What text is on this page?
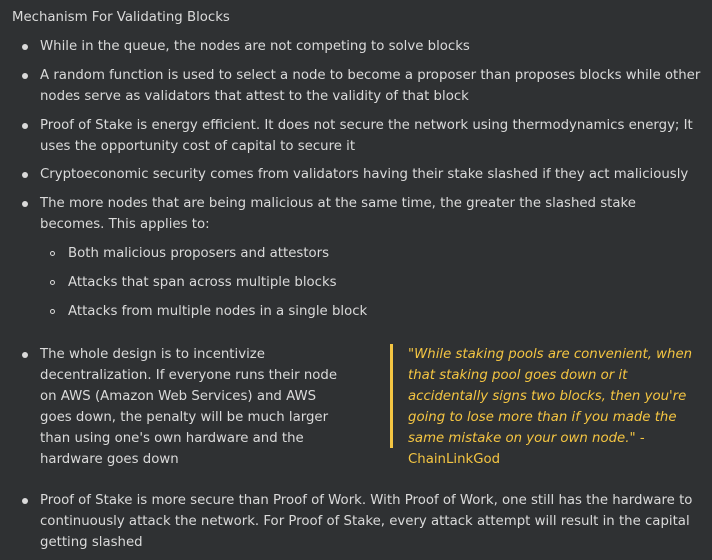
Mechanism For Validating Blocks
While in the queue, the nodes are not competing to solve blocks
A random function is used to select a node to become a proposer than proposes blocks while other nodes serve as validators that attest to the validity of that block
Proof of Stake is energy efficient. It does not secure the network using thermodynamics energy; It uses the opportunity cost of capital to secure it
Cryptoeconomic security comes from validators having their stake slashed if they act maliciously
The more nodes that are being malicious at the same time, the greater the slashed stake becomes. This applies to:
Both malicious proposers and attestors
Attacks that span across multiple blocks
Attacks from multiple nodes in a single block
The whole design is to incentivize decentralization. If everyone runs their node on AWS (Amazon Web Services) and AWS goes down, the penalty will be much larger than using one's own hardware and the hardware goes down
"While staking pools are convenient, when that staking pool goes down or it accidentally signs two blocks, then you're going to lose more than if you made the same mistake on your own node." - ChainLinkGod
Proof of Stake is more secure than Proof of Work. With Proof of Work, one still has the hardware to continuously attack the network. For Proof of Stake, every attack attempt will result in the capital getting slashed
